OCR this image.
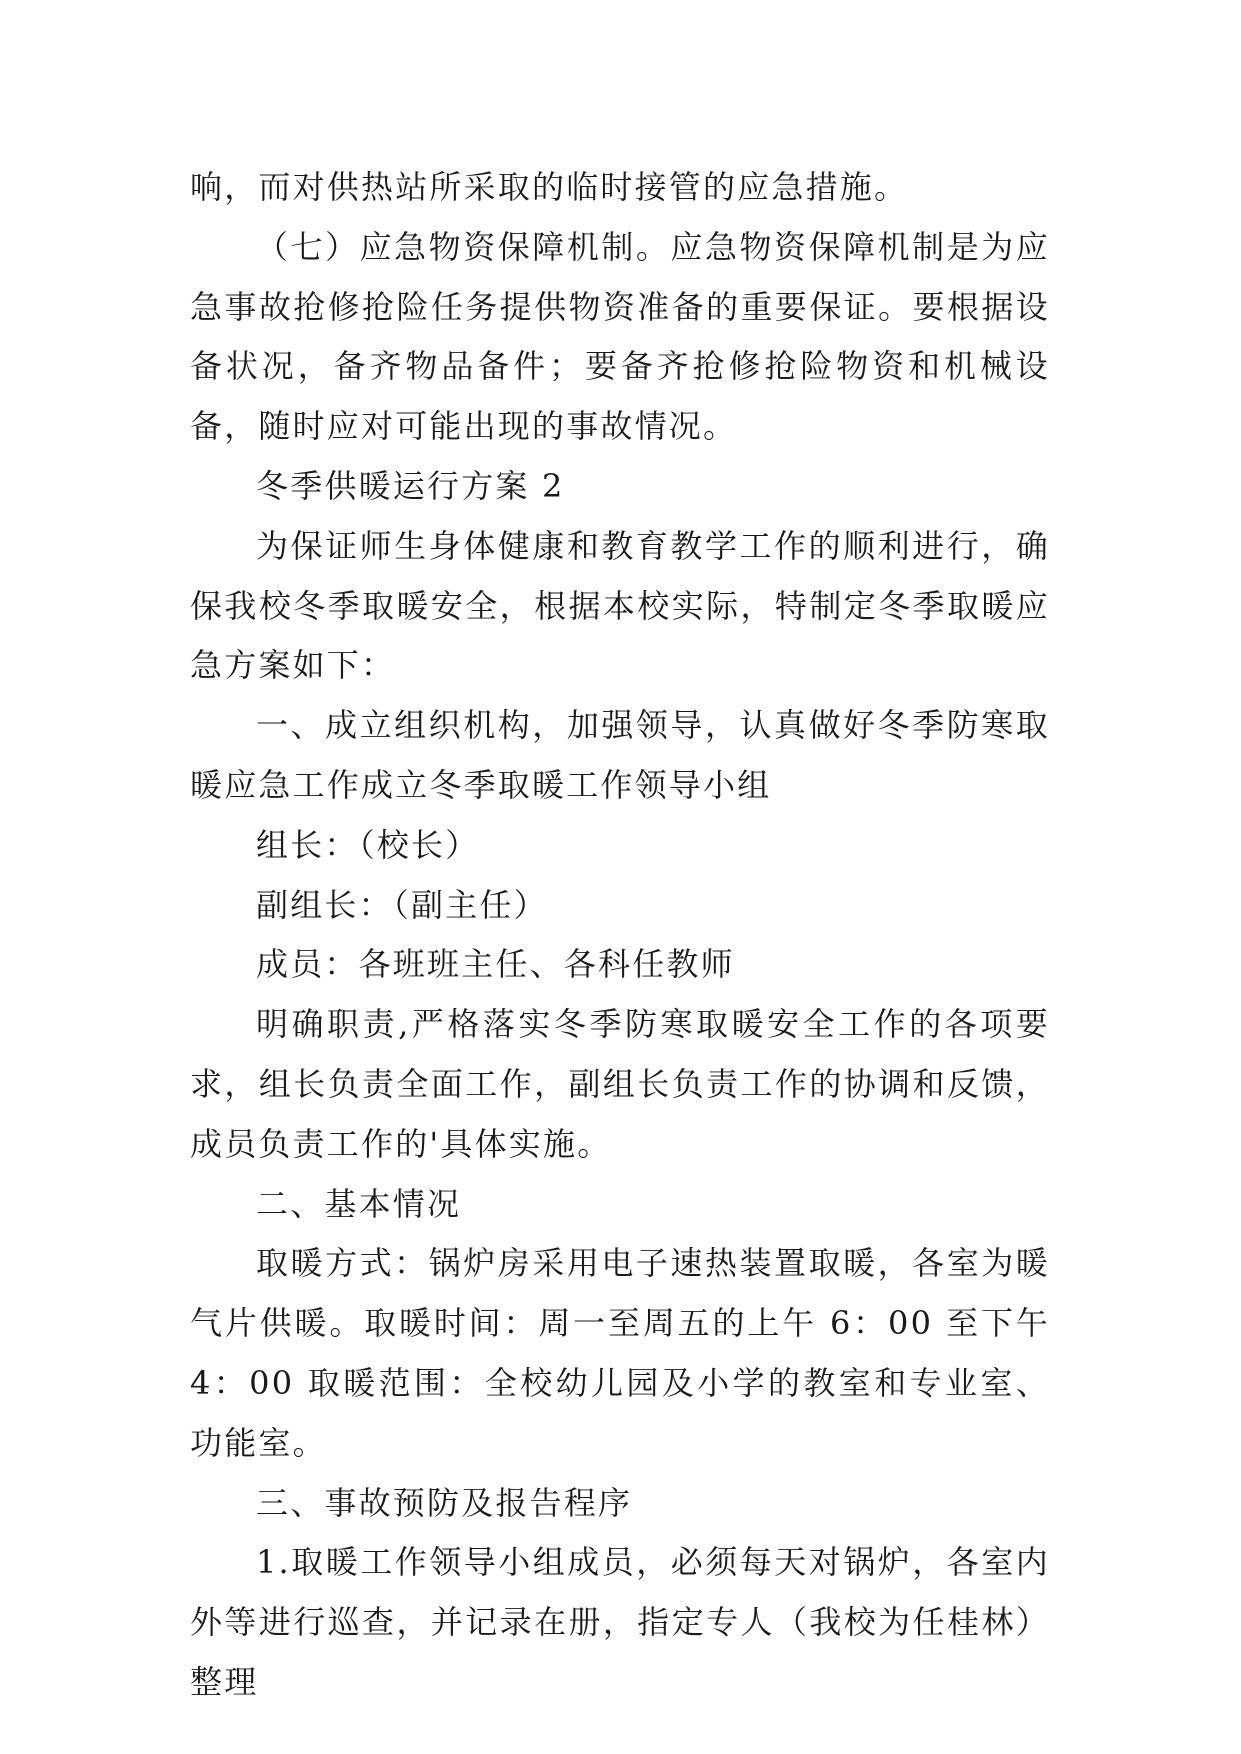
响，而对供热站所采取的临时接管的应急措施。

（七）应急物资保障机制。应急物资保障机制是为应急事故抢修抢险任务提供物资准备的重要保证。要根据设备状况，备齐物品备件；要备齐抢修抢险物资和机械设备，随时应对可能出现的事故情况。

冬季供暖运行方案 2

为保证师生身体健康和教育教学工作的顺利进行，确保我校冬季取暖安全，根据本校实际，特制定冬季取暖应急方案如下：

一、成立组织机构，加强领导，认真做好冬季防寒取暖应急工作成立冬季取暖工作领导小组

组长：（校长）

副组长：（副主任）

成员：各班班主任、各科任教师

明确职责,严格落实冬季防寒取暖安全工作的各项要求，组长负责全面工作，副组长负责工作的协调和反馈，成员负责工作的'具体实施。

二、基本情况

取暖方式：锅炉房采用电子速热装置取暖，各室为暖气片供暖。取暖时间：周一至周五的上午 6：00 至下午 4：00 取暖范围：全校幼儿园及小学的教室和专业室、功能室。

三、事故预防及报告程序

1.取暖工作领导小组成员，必须每天对锅炉，各室内外等进行巡查，并记录在册，指定专人（我校为任桂林）整理
